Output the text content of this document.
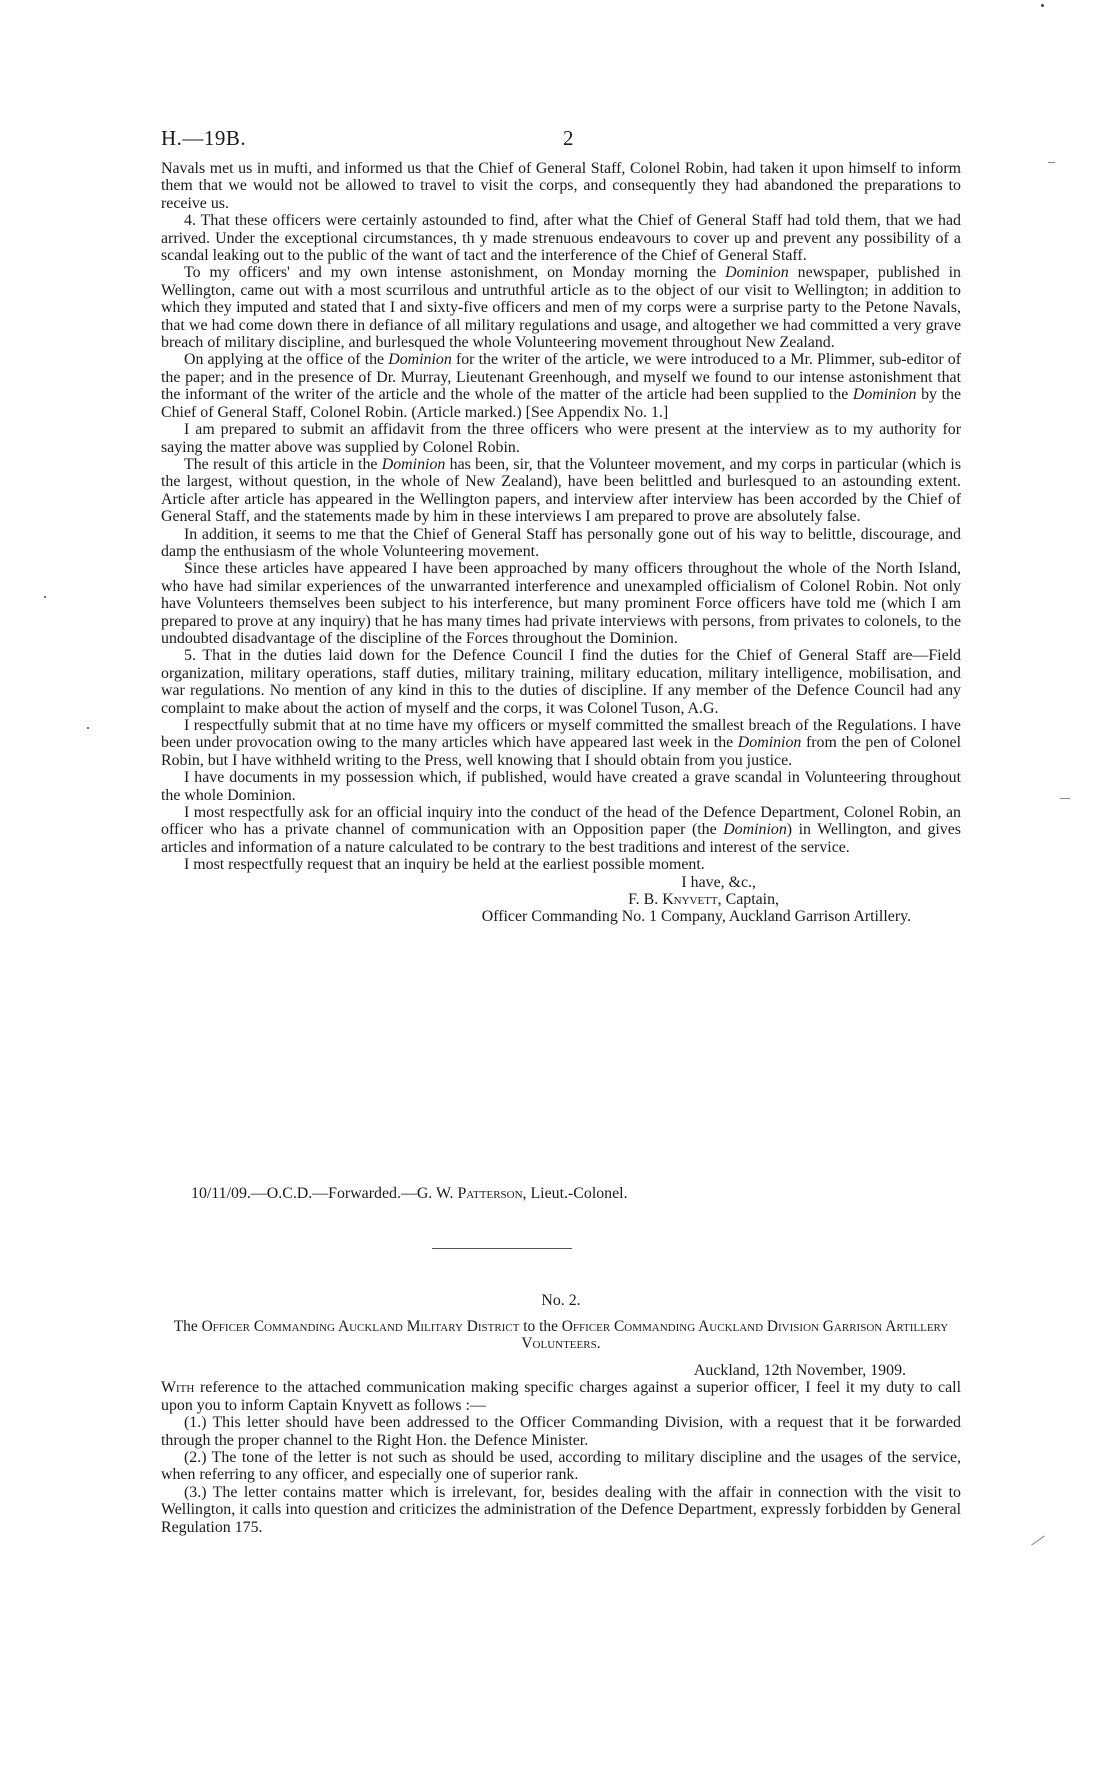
H.—19B.	2

Navals met us in mufti, and informed us that the Chief of General Staff, Colonel Robin, had taken it upon himself to inform them that we would not be allowed to travel to visit the corps, and consequently they had abandoned the preparations to receive us.

4. That these officers were certainly astounded to find, after what the Chief of General Staff had told them, that we had arrived. Under the exceptional circumstances, th y made strenuous endeavours to cover up and prevent any possibility of a scandal leaking out to the public of the want of tact and the interference of the Chief of General Staff.

To my officers' and my own intense astonishment, on Monday morning the Dominion newspaper, published in Wellington, came out with a most scurrilous and untruthful article as to the object of our visit to Wellington; in addition to which they imputed and stated that I and sixty-five officers and men of my corps were a surprise party to the Petone Navals, that we had come down there in defiance of all military regulations and usage, and altogether we had committed a very grave breach of military discipline, and burlesqued the whole Volunteering movement throughout New Zealand.

On applying at the office of the Dominion for the writer of the article, we were introduced to a Mr. Plimmer, sub-editor of the paper; and in the presence of Dr. Murray, Lieutenant Greenhough, and myself we found to our intense astonishment that the informant of the writer of the article and the whole of the matter of the article had been supplied to the Dominion by the Chief of General Staff, Colonel Robin. (Article marked.) [See Appendix No. 1.]

I am prepared to submit an affidavit from the three officers who were present at the interview as to my authority for saying the matter above was supplied by Colonel Robin.

The result of this article in the Dominion has been, sir, that the Volunteer movement, and my corps in particular (which is the largest, without question, in the whole of New Zealand), have been belittled and burlesqued to an astounding extent. Article after article has appeared in the Wellington papers, and interview after interview has been accorded by the Chief of General Staff, and the statements made by him in these interviews I am prepared to prove are absolutely false.

In addition, it seems to me that the Chief of General Staff has personally gone out of his way to belittle, discourage, and damp the enthusiasm of the whole Volunteering movement.

Since these articles have appeared I have been approached by many officers throughout the whole of the North Island, who have had similar experiences of the unwarranted interference and unexampled officialism of Colonel Robin. Not only have Volunteers themselves been subject to his interference, but many prominent Force officers have told me (which I am prepared to prove at any inquiry) that he has many times had private interviews with persons, from privates to colonels, to the undoubted disadvantage of the discipline of the Forces throughout the Dominion.

5. That in the duties laid down for the Defence Council I find the duties for the Chief of General Staff are—Field organization, military operations, staff duties, military training, military education, military intelligence, mobilisation, and war regulations. No mention of any kind in this to the duties of discipline. If any member of the Defence Council had any complaint to make about the action of myself and the corps, it was Colonel Tuson, A.G.

I respectfully submit that at no time have my officers or myself committed the smallest breach of the Regulations. I have been under provocation owing to the many articles which have appeared last week in the Dominion from the pen of Colonel Robin, but I have withheld writing to the Press, well knowing that I should obtain from you justice.

I have documents in my possession which, if published, would have created a grave scandal in Volunteering throughout the whole Dominion.

I most respectfully ask for an official inquiry into the conduct of the head of the Defence Department, Colonel Robin, an officer who has a private channel of communication with an Opposition paper (the Dominion) in Wellington, and gives articles and information of a nature calculated to be contrary to the best traditions and interest of the service.

I most respectfully request that an inquiry be held at the earliest possible moment.

I have, &c.,

F. B. Knyvett, Captain,

Officer Commanding No. 1 Company, Auckland Garrison Artillery.

10/11/09.—O.C.D.—Forwarded.—G. W. Patterson, Lieut.-Colonel.
No. 2.
The Officer Commanding Auckland Military District to the Officer Commanding Auckland Division Garrison Artillery Volunteers.

Auckland, 12th November, 1909.

With reference to the attached communication making specific charges against a superior officer, I feel it my duty to call upon you to inform Captain Knyvett as follows :—

(1.) This letter should have been addressed to the Officer Commanding Division, with a request that it be forwarded through the proper channel to the Right Hon. the Defence Minister.

(2.) The tone of the letter is not such as should be used, according to military discipline and the usages of the service, when referring to any officer, and especially one of superior rank.

(3.) The letter contains matter which is irrelevant, for, besides dealing with the affair in connection with the visit to Wellington, it calls into question and criticizes the administration of the Defence Department, expressly forbidden by General Regulation 175.
